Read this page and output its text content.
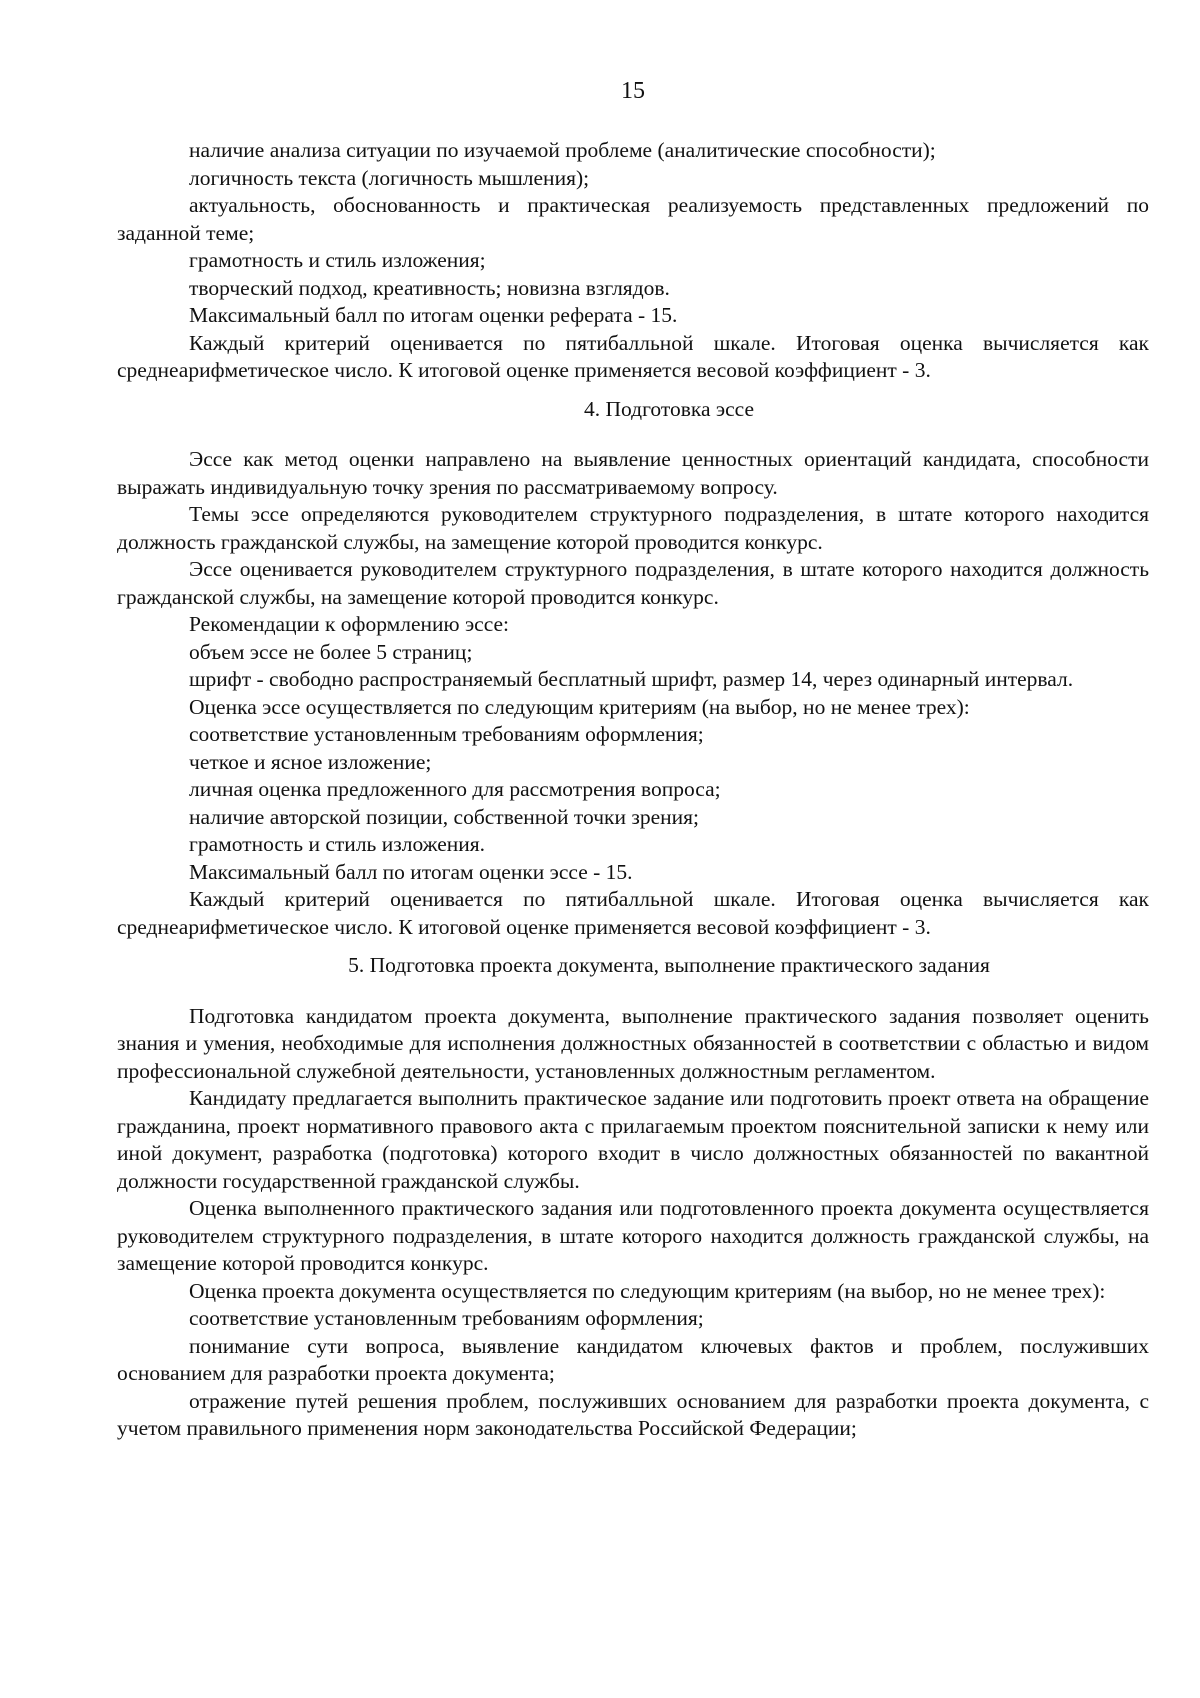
15

наличие анализа ситуации по изучаемой проблеме (аналитические способности);

логичность текста (логичность мышления);

актуальность, обоснованность и практическая реализуемость представленных предложений по заданной теме;

грамотность и стиль изложения;

творческий подход, креативность; новизна взглядов.

Максимальный балл по итогам оценки реферата - 15.

Каждый критерий оценивается по пятибалльной шкале. Итоговая оценка вычисляется как среднеарифметическое число. К итоговой оценке применяется весовой коэффициент - 3.

4. Подготовка эссе

Эссе как метод оценки направлено на выявление ценностных ориентаций кандидата, способности выражать индивидуальную точку зрения по рассматриваемому вопросу.

Темы эссе определяются руководителем структурного подразделения, в штате которого находится должность гражданской службы, на замещение которой проводится конкурс.

Эссе оценивается руководителем структурного подразделения, в штате которого находится должность гражданской службы, на замещение которой проводится конкурс.

Рекомендации к оформлению эссе:

объем эссе не более 5 страниц;

шрифт - свободно распространяемый бесплатный шрифт, размер 14, через одинарный интервал.

Оценка эссе осуществляется по следующим критериям (на выбор, но не менее трех):

соответствие установленным требованиям оформления;

четкое и ясное изложение;

личная оценка предложенного для рассмотрения вопроса;

наличие авторской позиции, собственной точки зрения;

грамотность и стиль изложения.

Максимальный балл по итогам оценки эссе - 15.

Каждый критерий оценивается по пятибалльной шкале. Итоговая оценка вычисляется как среднеарифметическое число. К итоговой оценке применяется весовой коэффициент - 3.

5. Подготовка проекта документа, выполнение практического задания

Подготовка кандидатом проекта документа, выполнение практического задания позволяет оценить знания и умения, необходимые для исполнения должностных обязанностей в соответствии с областью и видом профессиональной служебной деятельности, установленных должностным регламентом.

Кандидату предлагается выполнить практическое задание или подготовить проект ответа на обращение гражданина, проект нормативного правового акта с прилагаемым проектом пояснительной записки к нему или иной документ, разработка (подготовка) которого входит в число должностных обязанностей по вакантной должности государственной гражданской службы.

Оценка выполненного практического задания или подготовленного проекта документа осуществляется руководителем структурного подразделения, в штате которого находится должность гражданской службы, на замещение которой проводится конкурс.

Оценка проекта документа осуществляется по следующим критериям (на выбор, но не менее трех):

соответствие установленным требованиям оформления;

понимание сути вопроса, выявление кандидатом ключевых фактов и проблем, послуживших основанием для разработки проекта документа;

отражение путей решения проблем, послуживших основанием для разработки проекта документа, с учетом правильного применения норм законодательства Российской Федерации;
